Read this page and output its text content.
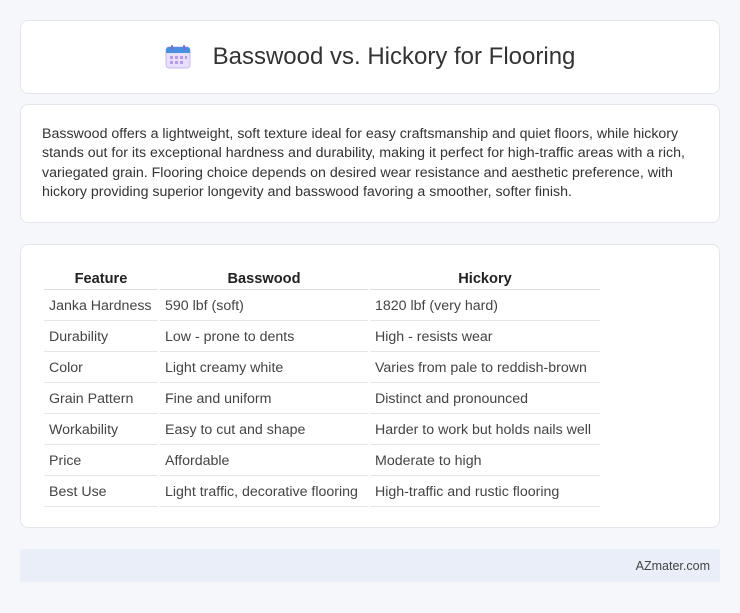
Basswood vs. Hickory for Flooring

Basswood offers a lightweight, soft texture ideal for easy craftsmanship and quiet floors, while hickory stands out for its exceptional hardness and durability, making it perfect for high-traffic areas with a rich, variegated grain. Flooring choice depends on desired wear resistance and aesthetic preference, with hickory providing superior longevity and basswood favoring a smoother, softer finish.

Feature	Basswood	Hickory
Janka Hardness	590 lbf (soft)	1820 lbf (very hard)
Durability	Low - prone to dents	High - resists wear
Color	Light creamy white	Varies from pale to reddish-brown
Grain Pattern	Fine and uniform	Distinct and pronounced
Workability	Easy to cut and shape	Harder to work but holds nails well
Price	Affordable	Moderate to high
Best Use	Light traffic, decorative flooring	High-traffic and rustic flooring
AZmater.com
